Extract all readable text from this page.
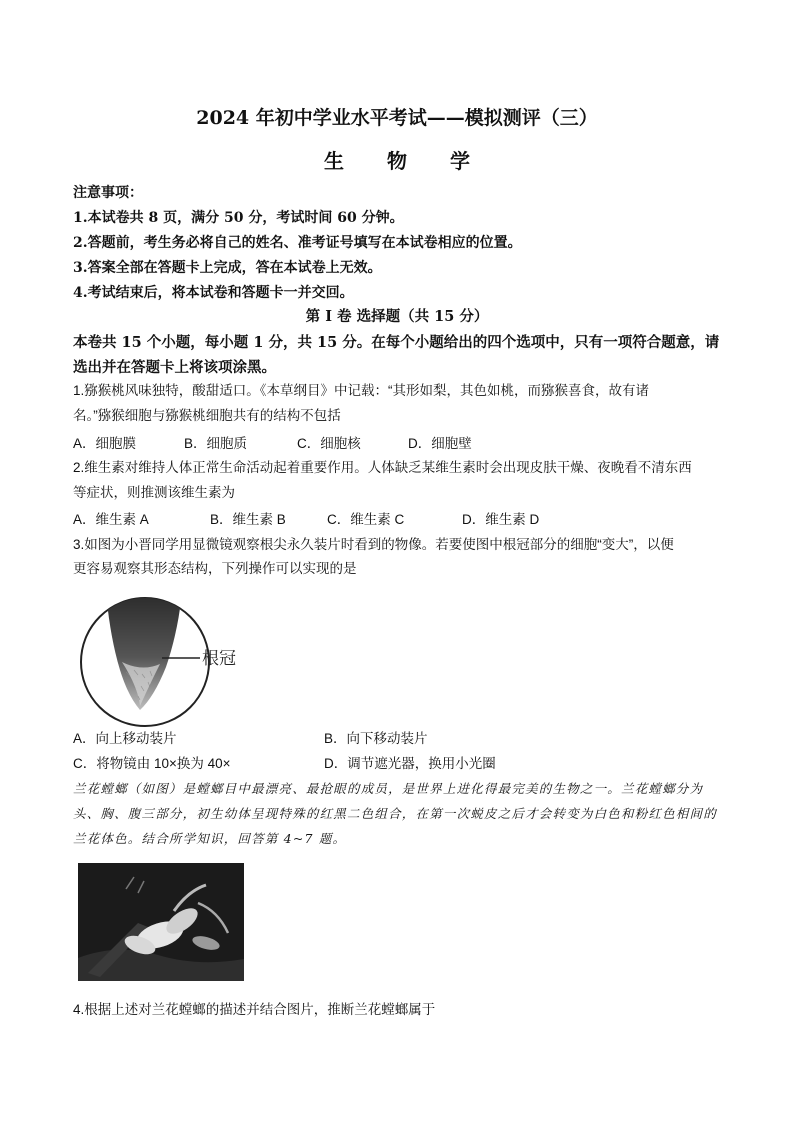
2024 年初中学业水平考试——模拟测评（三）
生 物 学
注意事项：
1.本试卷共 8 页，满分 50 分，考试时间 60 分钟。
2.答题前，考生务必将自己的姓名、准考证号填写在本试卷相应的位置。
3.答案全部在答题卡上完成，答在本试卷上无效。
4.考试结束后，将本试卷和答题卡一并交回。
第 I 卷 选择题（共 15 分）
本卷共 15 个小题，每小题 1 分，共 15 分。在每个小题给出的四个选项中，只有一项符合题意，请选出并在答题卡上将该项涂黑。
1.猕猴桃风味独特，酸甜适口。《本草纲目》中记载：“其形如梨，其色如桃，而猕猴喜食，故有诸
名。”猕猴细胞与猕猴桃细胞共有的结构不包括
A．细胞膜	B．细胞质	C．细胞核	D．细胞壁
2.维生素对维持人体正常生命活动起着重要作用。人体缺乏某维生素时会出现皮肤干燥、夜晚看不清东西
等症状，则推测该维生素为
A．维生素 A	B．维生素 B	C．维生素 C	D．维生素 D
3.如图为小晋同学用显微镜观察根尖永久装片时看到的物像。若要使图中根冠部分的细胞“变大”，以便
更容易观察其形态结构，下列操作可以实现的是
根冠
A．向上移动装片	B．向下移动装片
C．将物镜由 10×换为 40×	D．调节遮光器，换用小光圈
兰花螳螂（如图）是螳螂目中最漂亮、最抢眼的成员，是世界上进化得最完美的生物之一。兰花螳螂分为头、胸、腹三部分，初生幼体呈现特殊的红黑二色组合，在第一次蜕皮之后才会转变为白色和粉红色相间的兰花体色。结合所学知识，回答第 4~7 题。
4.根据上述对兰花螳螂的描述并结合图片，推断兰花螳螂属于
